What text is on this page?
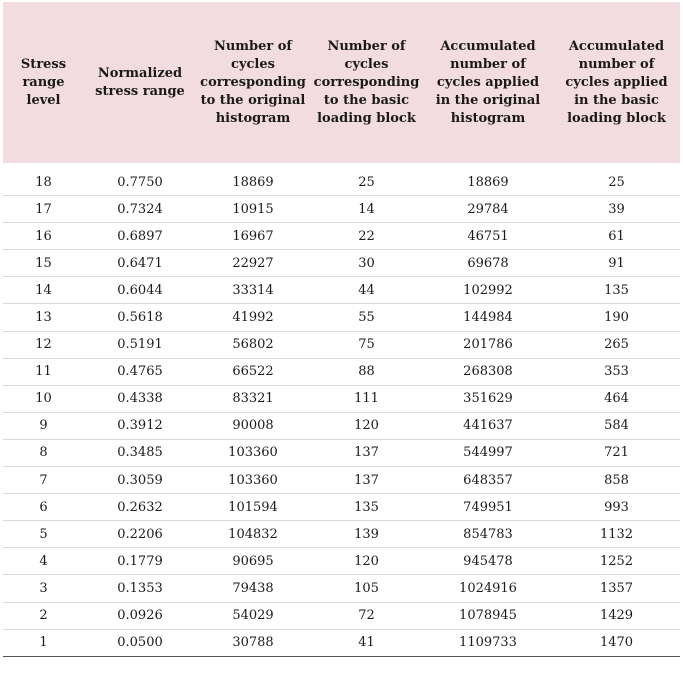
Stress
range
level	Normalized
stress range	Number of
cycles
corresponding
to the original
histogram	Number of
cycles
corresponding
to the basic
loading block	Accumulated
number of
cycles applied
in the original
histogram	Accumulated
number of
cycles applied
in the basic
loading block
18	0.7750	18869	25	18869	25
17	0.7324	10915	14	29784	39
16	0.6897	16967	22	46751	61
15	0.6471	22927	30	69678	91
14	0.6044	33314	44	102992	135
13	0.5618	41992	55	144984	190
12	0.5191	56802	75	201786	265
11	0.4765	66522	88	268308	353
10	0.4338	83321	111	351629	464
9	0.3912	90008	120	441637	584
8	0.3485	103360	137	544997	721
7	0.3059	103360	137	648357	858
6	0.2632	101594	135	749951	993
5	0.2206	104832	139	854783	1132
4	0.1779	90695	120	945478	1252
3	0.1353	79438	105	1024916	1357
2	0.0926	54029	72	1078945	1429
1	0.0500	30788	41	1109733	1470
